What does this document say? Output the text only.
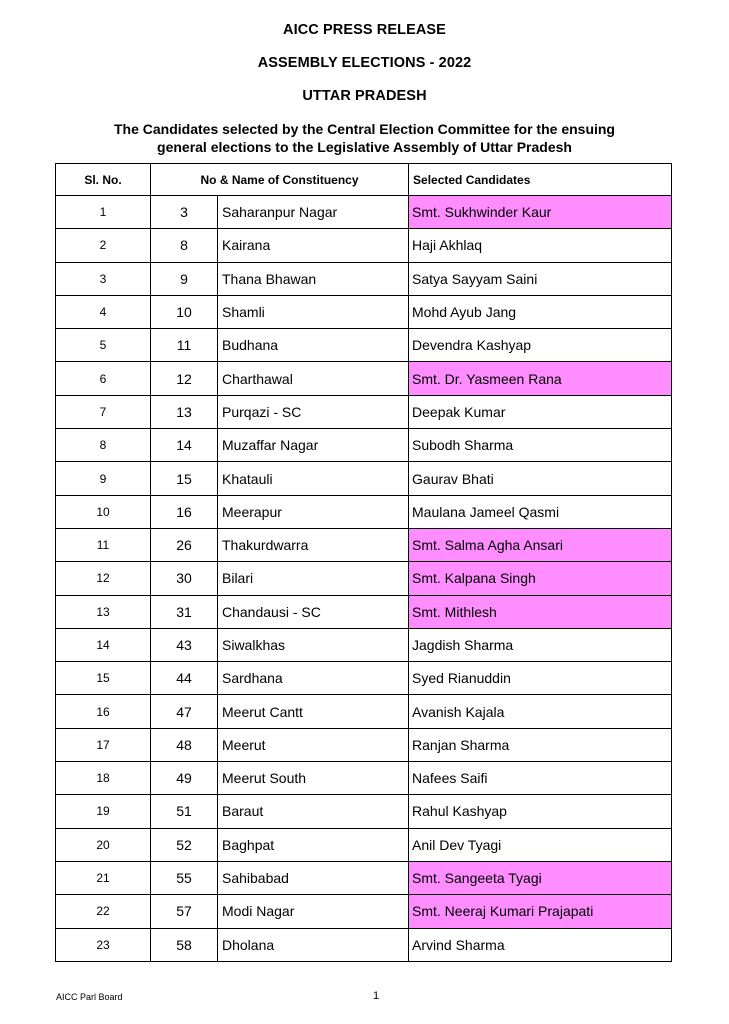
AICC PRESS RELEASE
ASSEMBLY ELECTIONS - 2022
UTTAR PRADESH
The Candidates selected by the Central Election Committee for the ensuing
general elections to the Legislative Assembly of Uttar Pradesh
Sl. No.	No & Name of Constituency		Selected Candidates
1	3	Saharanpur Nagar	Smt. Sukhwinder Kaur
2	8	Kairana	Haji Akhlaq
3	9	Thana Bhawan	Satya Sayyam Saini
4	10	Shamli	Mohd Ayub Jang
5	11	Budhana	Devendra Kashyap
6	12	Charthawal	Smt. Dr. Yasmeen Rana
7	13	Purqazi - SC	Deepak Kumar
8	14	Muzaffar Nagar	Subodh Sharma
9	15	Khatauli	Gaurav Bhati
10	16	Meerapur	Maulana Jameel Qasmi
11	26	Thakurdwarra	Smt. Salma Agha Ansari
12	30	Bilari	Smt. Kalpana Singh
13	31	Chandausi - SC	Smt. Mithlesh
14	43	Siwalkhas	Jagdish Sharma
15	44	Sardhana	Syed Rianuddin
16	47	Meerut Cantt	Avanish Kajala
17	48	Meerut	Ranjan Sharma
18	49	Meerut South	Nafees Saifi
19	51	Baraut	Rahul Kashyap
20	52	Baghpat	Anil Dev Tyagi
21	55	Sahibabad	Smt. Sangeeta Tyagi
22	57	Modi Nagar	Smt. Neeraj Kumari Prajapati
23	58	Dholana	Arvind Sharma
AICC Parl Board	1
